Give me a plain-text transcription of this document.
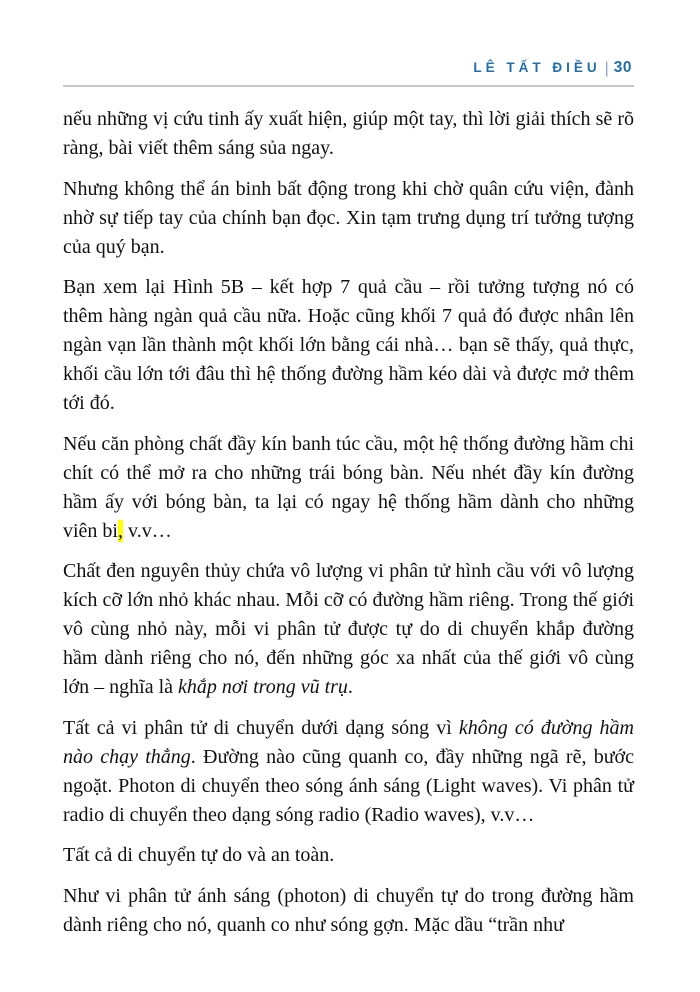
LÊ TẤT ĐIỀU | 30

nếu những vị cứu tinh ấy xuất hiện, giúp một tay, thì lời giải thích sẽ rõ ràng, bài viết thêm sáng sủa ngay.

Nhưng không thể án binh bất động trong khi chờ quân cứu viện, đành nhờ sự tiếp tay của chính bạn đọc. Xin tạm trưng dụng trí tưởng tượng của quý bạn.

Bạn xem lại Hình 5B – kết hợp 7 quả cầu – rồi tưởng tượng nó có thêm hàng ngàn quả cầu nữa. Hoặc cũng khối 7 quả đó được nhân lên ngàn vạn lần thành một khối lớn bằng cái nhà… bạn sẽ thấy, quả thực, khối cầu lớn tới đâu thì hệ thống đường hầm kéo dài và được mở thêm tới đó.

Nếu căn phòng chất đầy kín banh túc cầu, một hệ thống đường hầm chi chít có thể mở ra cho những trái bóng bàn. Nếu nhét đầy kín đường hầm ấy với bóng bàn, ta lại có ngay hệ thống hầm dành cho những viên bi, v.v…

Chất đen nguyên thủy chứa vô lượng vi phân tử hình cầu với vô lượng kích cỡ lớn nhỏ khác nhau. Mỗi cỡ có đường hầm riêng. Trong thế giới vô cùng nhỏ này, mỗi vi phân tử được tự do di chuyển khắp đường hầm dành riêng cho nó, đến những góc xa nhất của thế giới vô cùng lớn – nghĩa là khắp nơi trong vũ trụ.

Tất cả vi phân tử di chuyển dưới dạng sóng vì không có đường hầm nào chạy thẳng. Đường nào cũng quanh co, đầy những ngã rẽ, bước ngoặt. Photon di chuyển theo sóng ánh sáng (Light waves). Vi phân tử radio di chuyển theo dạng sóng radio (Radio waves), v.v…

Tất cả di chuyển tự do và an toàn.

Như vi phân tử ánh sáng (photon) di chuyển tự do trong đường hầm dành riêng cho nó, quanh co như sóng gợn. Mặc dầu “trần như
